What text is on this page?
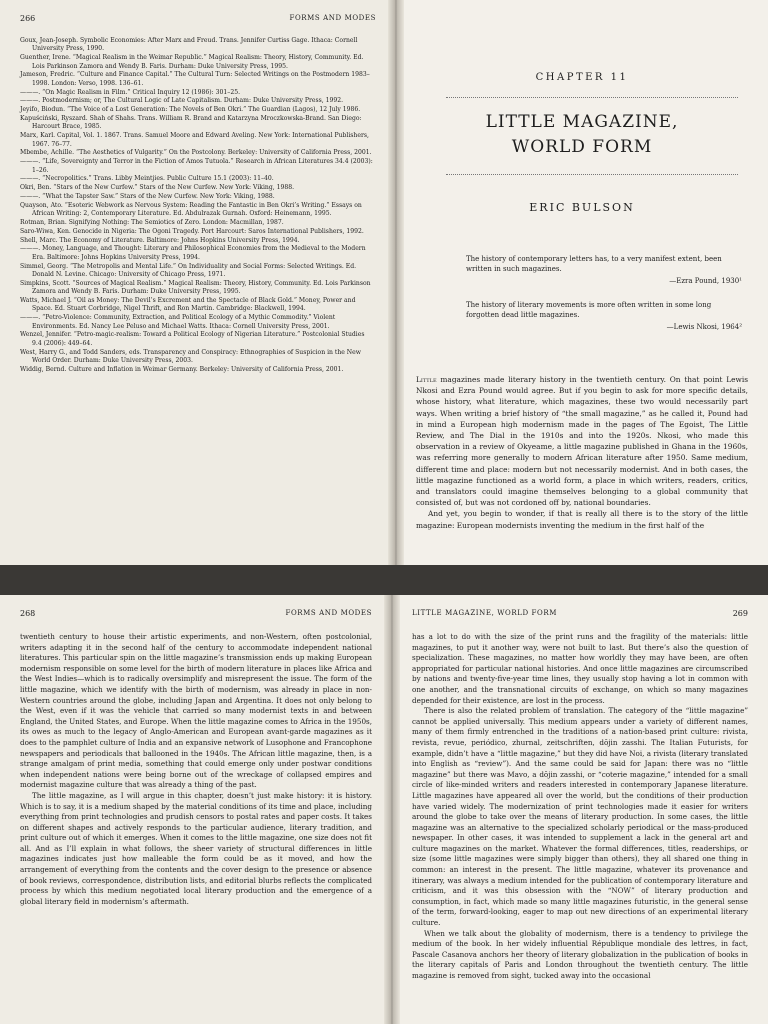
266	FORMS AND MODES
Goux, Jean-Joseph. Symbolic Economies: After Marx and Freud. Trans. Jennifer Curtiss Gage. Ithaca: Cornell University Press, 1990.
Guenther, Irene. “Magical Realism in the Weimar Republic.” Magical Realism: Theory, History, Community. Ed. Lois Parkinson Zamora and Wendy B. Faris. Durham: Duke University Press, 1995.
Jameson, Fredric. “Culture and Finance Capital.” The Cultural Turn: Selected Writings on the Postmodern 1983–1998. London: Verso, 1998. 136–61.
———. “On Magic Realism in Film.” Critical Inquiry 12 (1986): 301–25.
———. Postmodernism; or, The Cultural Logic of Late Capitalism. Durham: Duke University Press, 1992.
Jeyifo, Biodun. “The Voice of a Lost Generation: The Novels of Ben Okri.” The Guardian (Lagos), 12 July 1986.
Kapuściński, Ryszard. Shah of Shahs. Trans. William R. Brand and Katarzyna Mroczkowska-Brand. San Diego: Harcourt Brace, 1985.
Marx, Karl. Capital, Vol. 1. 1867. Trans. Samuel Moore and Edward Aveling. New York: International Publishers, 1967. 76–77.
Mbembe, Achille. “The Aesthetics of Vulgarity.” On the Postcolony. Berkeley: University of California Press, 2001.
———. “Life, Sovereignty and Terror in the Fiction of Amos Tutuola.” Research in African Literatures 34.4 (2003): 1–26.
———. “Necropolitics.” Trans. Libby Meintjies. Public Culture 15.1 (2003): 11–40.
Okri, Ben. “Stars of the New Curfew.” Stars of the New Curfew. New York: Viking, 1988.
———. “What the Tapster Saw.” Stars of the New Curfew. New York: Viking, 1988.
Quayson, Ato. “Esoteric Webwork as Nervous System: Reading the Fantastic in Ben Okri’s Writing.” Essays on African Writing: 2, Contemporary Literature. Ed. Abdulrazak Gurnah. Oxford: Heinemann, 1995.
Rotman, Brian. Signifying Nothing: The Semiotics of Zero. London: Macmillan, 1987.
Saro-Wiwa, Ken. Genocide in Nigeria: The Ogoni Tragedy. Port Harcourt: Saros International Publishers, 1992.
Shell, Marc. The Economy of Literature. Baltimore: Johns Hopkins University Press, 1994.
———. Money, Language, and Thought: Literary and Philosophical Economies from the Medieval to the Modern Era. Baltimore: Johns Hopkins University Press, 1994.
Simmel, Georg. “The Metropolis and Mental Life.” On Individuality and Social Forms: Selected Writings. Ed. Donald N. Levine. Chicago: University of Chicago Press, 1971.
Simpkins, Scott. “Sources of Magical Realism.” Magical Realism: Theory, History, Community. Ed. Lois Parkinson Zamora and Wendy B. Faris. Durham: Duke University Press, 1995.
Watts, Michael J. “Oil as Money: The Devil’s Excrement and the Spectacle of Black Gold.” Money, Power and Space. Ed. Stuart Corbridge, Nigel Thrift, and Ron Martin. Cambridge: Blackwell, 1994.
———. “Petro-Violence: Community, Extraction, and Political Ecology of a Mythic Commodity.” Violent Environments. Ed. Nancy Lee Peluso and Michael Watts. Ithaca: Cornell University Press, 2001.
Wenzel, Jennifer. “Petro-magic-realism: Toward a Political Ecology of Nigerian Literature.” Postcolonial Studies 9.4 (2006): 449–64.
West, Harry G., and Todd Sanders, eds. Transparency and Conspiracy: Ethnographies of Suspicion in the New World Order. Durham: Duke University Press, 2003.
Widdig, Bernd. Culture and Inflation in Weimar Germany. Berkeley: University of California Press, 2001.
CHAPTER 11
LITTLE MAGAZINE,
WORLD FORM
ERIC BULSON
The history of contemporary letters has, to a very manifest extent, been written in such magazines.
—Ezra Pound, 1930¹
The history of literary movements is more often written in some long forgotten dead little magazines.
—Lewis Nkosi, 1964²

Little magazines made literary history in the twentieth century. On that point Lewis Nkosi and Ezra Pound would agree. But if you begin to ask for more specific details, whose history, what literature, which magazines, these two would necessarily part ways. When writing a brief history of “the small magazine,” as he called it, Pound had in mind a European high modernism made in the pages of The Egoist, The Little Review, and The Dial in the 1910s and into the 1920s. Nkosi, who made this observation in a review of Okyeame, a little magazine published in Ghana in the 1960s, was referring more generally to modern African literature after 1950. Same medium, different time and place: modern but not necessarily modernist. And in both cases, the little magazine functioned as a world form, a place in which writers, readers, critics, and translators could imagine themselves belonging to a global community that consisted of, but was not cordoned off by, national boundaries.

And yet, you begin to wonder, if that is really all there is to the story of the little magazine: European modernists inventing the medium in the first half of the

268	FORMS AND MODES

twentieth century to house their artistic experiments, and non-Western, often postcolonial, writers adapting it in the second half of the century to accommodate independent national literatures. This particular spin on the little magazine’s transmission ends up making European modernism responsible on some level for the birth of modern literature in places like Africa and the West Indies—which is to radically oversimplify and misrepresent the issue. The form of the little magazine, which we identify with the birth of modernism, was already in place in non-Western countries around the globe, including Japan and Argentina. It does not only belong to the West, even if it was the vehicle that carried so many modernist texts in and between England, the United States, and Europe. When the little magazine comes to Africa in the 1950s, its owes as much to the legacy of Anglo-American and European avant-garde magazines as it does to the pamphlet culture of India and an expansive network of Lusophone and Francophone newspapers and periodicals that ballooned in the 1940s. The African little magazine, then, is a strange amalgam of print media, something that could emerge only under postwar conditions when independent nations were being borne out of the wreckage of collapsed empires and modernist magazine culture that was already a thing of the past.

The little magazine, as I will argue in this chapter, doesn’t just make history: it is history. Which is to say, it is a medium shaped by the material conditions of its time and place, including everything from print technologies and prudish censors to postal rates and paper costs. It takes on different shapes and actively responds to the particular audience, literary tradition, and print culture out of which it emerges. When it comes to the little magazine, one size does not fit all. And as I’ll explain in what follows, the sheer variety of structural differences in little magazines indicates just how malleable the form could be as it moved, and how the arrangement of everything from the contents and the cover design to the presence or absence of book reviews, correspondence, distribution lists, and editorial blurbs reflects the complicated process by which this medium negotiated local literary production and the emergence of a global literary field in modernism’s aftermath.

LITTLE MAGAZINE, WORLD FORM	269

has a lot to do with the size of the print runs and the fragility of the materials: little magazines, to put it another way, were not built to last. But there’s also the question of specialization. These magazines, no matter how worldly they may have been, are often appropriated for particular national histories. And once little magazines are circumscribed by nations and twenty-five-year time lines, they usually stop having a lot in common with one another, and the transnational circuits of exchange, on which so many magazines depended for their existence, are lost in the process.

There is also the related problem of translation. The category of the “little magazine” cannot be applied universally. This medium appears under a variety of different names, many of them firmly entrenched in the traditions of a nation-based print culture: rivista, revista, revue, periódico, zhurnal, zeitschriften, dōjin zasshi. The Italian Futurists, for example, didn’t have a “little magazine,” but they did have Noi, a rivista (literary translated into English as “review”). And the same could be said for Japan: there was no “little magazine” but there was Mavo, a dōjin zasshi, or “coterie magazine,” intended for a small circle of like-minded writers and readers interested in contemporary Japanese literature. Little magazines have appeared all over the world, but the conditions of their production have varied widely. The modernization of print technologies made it easier for writers around the globe to take over the means of literary production. In some cases, the little magazine was an alternative to the specialized scholarly periodical or the mass-produced newspaper. In other cases, it was intended to supplement a lack in the general art and culture magazines on the market. Whatever the formal differences, titles, readerships, or size (some little magazines were simply bigger than others), they all shared one thing in common: an interest in the present. The little magazine, whatever its provenance and itinerary, was always a medium intended for the publication of contemporary literature and criticism, and it was this obsession with the “NOW” of literary production and consumption, in fact, which made so many little magazines futuristic, in the general sense of the term, forward-looking, eager to map out new directions of an experimental literary culture.

When we talk about the globality of modernism, there is a tendency to privilege the medium of the book. In her widely influential République mondiale des lettres, in fact, Pascale Casanova anchors her theory of literary globalization in the publication of books in the literary capitals of Paris and London throughout the twentieth century. The little magazine is removed from sight, tucked away into the occasional
